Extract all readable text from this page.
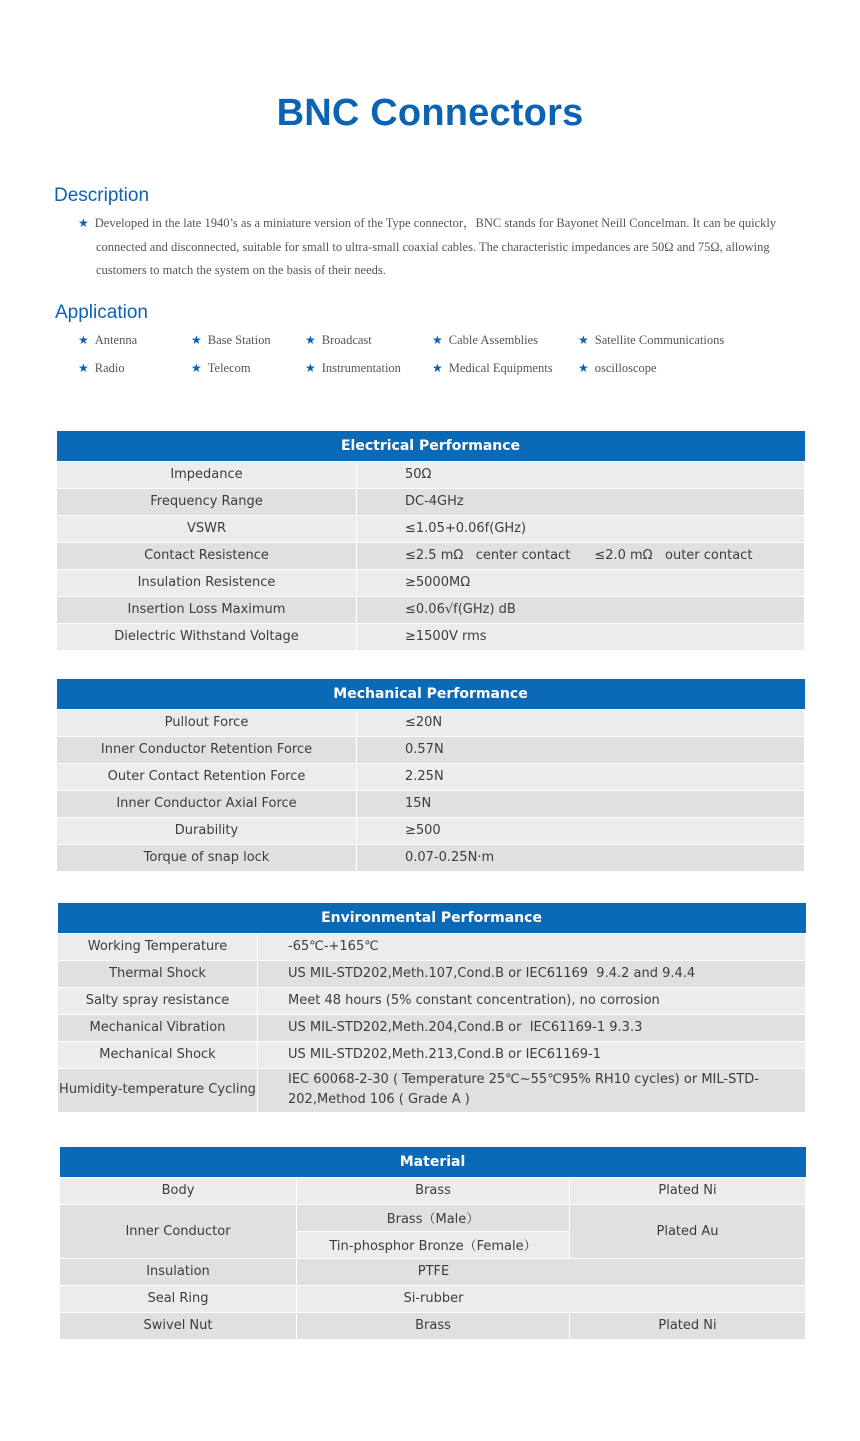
BNC Connectors
Description
★ Developed in the late 1940’s as a miniature version of the Type connector，BNC stands for Bayonet Neill Concelman. It can be quickly connected and disconnected, suitable for small to ultra-small coaxial cables. The characteristic impedances are 50Ω and 75Ω, allowing customers to match the system on the basis of their needs.
Application
★ Antenna	★ Base Station	★ Broadcast	★ Cable Assemblies	★ Satellite Communications
★ Radio	★ Telecom	★ Instrumentation	★ Medical Equipments ★ oscilloscope
Electrical Performance	
Impedance	50Ω
Frequency Range	DC-4GHz
VSWR	≤1.05+0.06f(GHz)
Contact Resistence	≤2.5 mΩ   center contact ≤2.0 mΩ   outer contact
Insulation Resistence	≥5000MΩ
Insertion Loss Maximum	≤0.06√f(GHz) dB
Dielectric Withstand Voltage	≥1500V rms
Mechanical Performance	
Pullout Force	≤20N
Inner Conductor Retention Force	0.57N
Outer Contact Retention Force	2.25N
Inner Conductor Axial Force	15N
Durability	≥500
Torque of snap lock	0.07-0.25N·m
Environmental Performance	
Working Temperature	-65℃-+165℃
Thermal Shock	US MIL-STD202,Meth.107,Cond.B or IEC61169  9.4.2 and 9.4.4
Salty spray resistance	Meet 48 hours (5% constant concentration), no corrosion
Mechanical Vibration	US MIL-STD202,Meth.204,Cond.B or  IEC61169-1 9.3.3
Mechanical Shock	US MIL-STD202,Meth.213,Cond.B or IEC61169-1
Humidity-temperature Cycling	IEC 60068-2-30 ( Temperature 25℃~55℃95% RH10 cycles) or MIL-STD-202,Method 106 ( Grade A )
Material		
Body	Brass	Plated Ni
Inner Conductor	Brass（Male）	Plated Au
	Tin-phosphor Bronze（Female）	
Insulation	PTFE	
Seal Ring	Si-rubber	
Swivel Nut	Brass	Plated Ni
